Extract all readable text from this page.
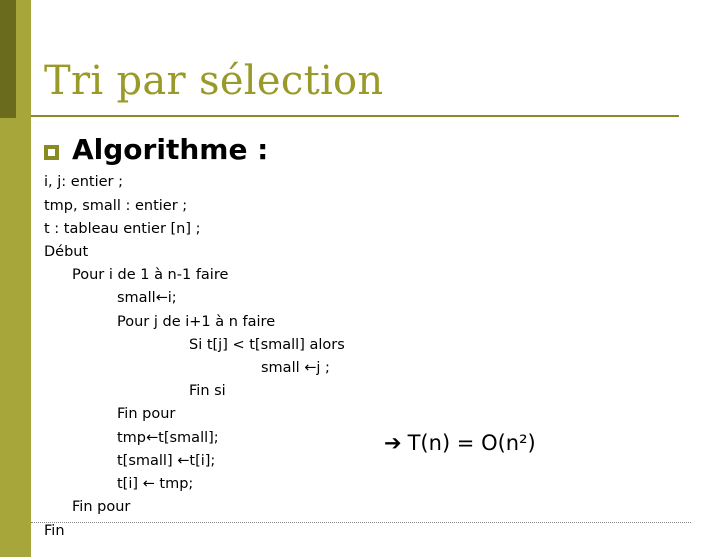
Tri par sélection
Algorithme :
i, j: entier ;
tmp, small : entier ;
t : tableau entier [n] ;
Début
Pour i de 1 à n-1 faire
small←i;
Pour j de i+1 à n faire
Si t[j] < t[small] alors
small ←j ;
Fin si
Fin pour
tmp←t[small];
t[small] ←t[i];
t[i] ← tmp;
Fin pour
Fin
➔ T(n) = O(n²)
